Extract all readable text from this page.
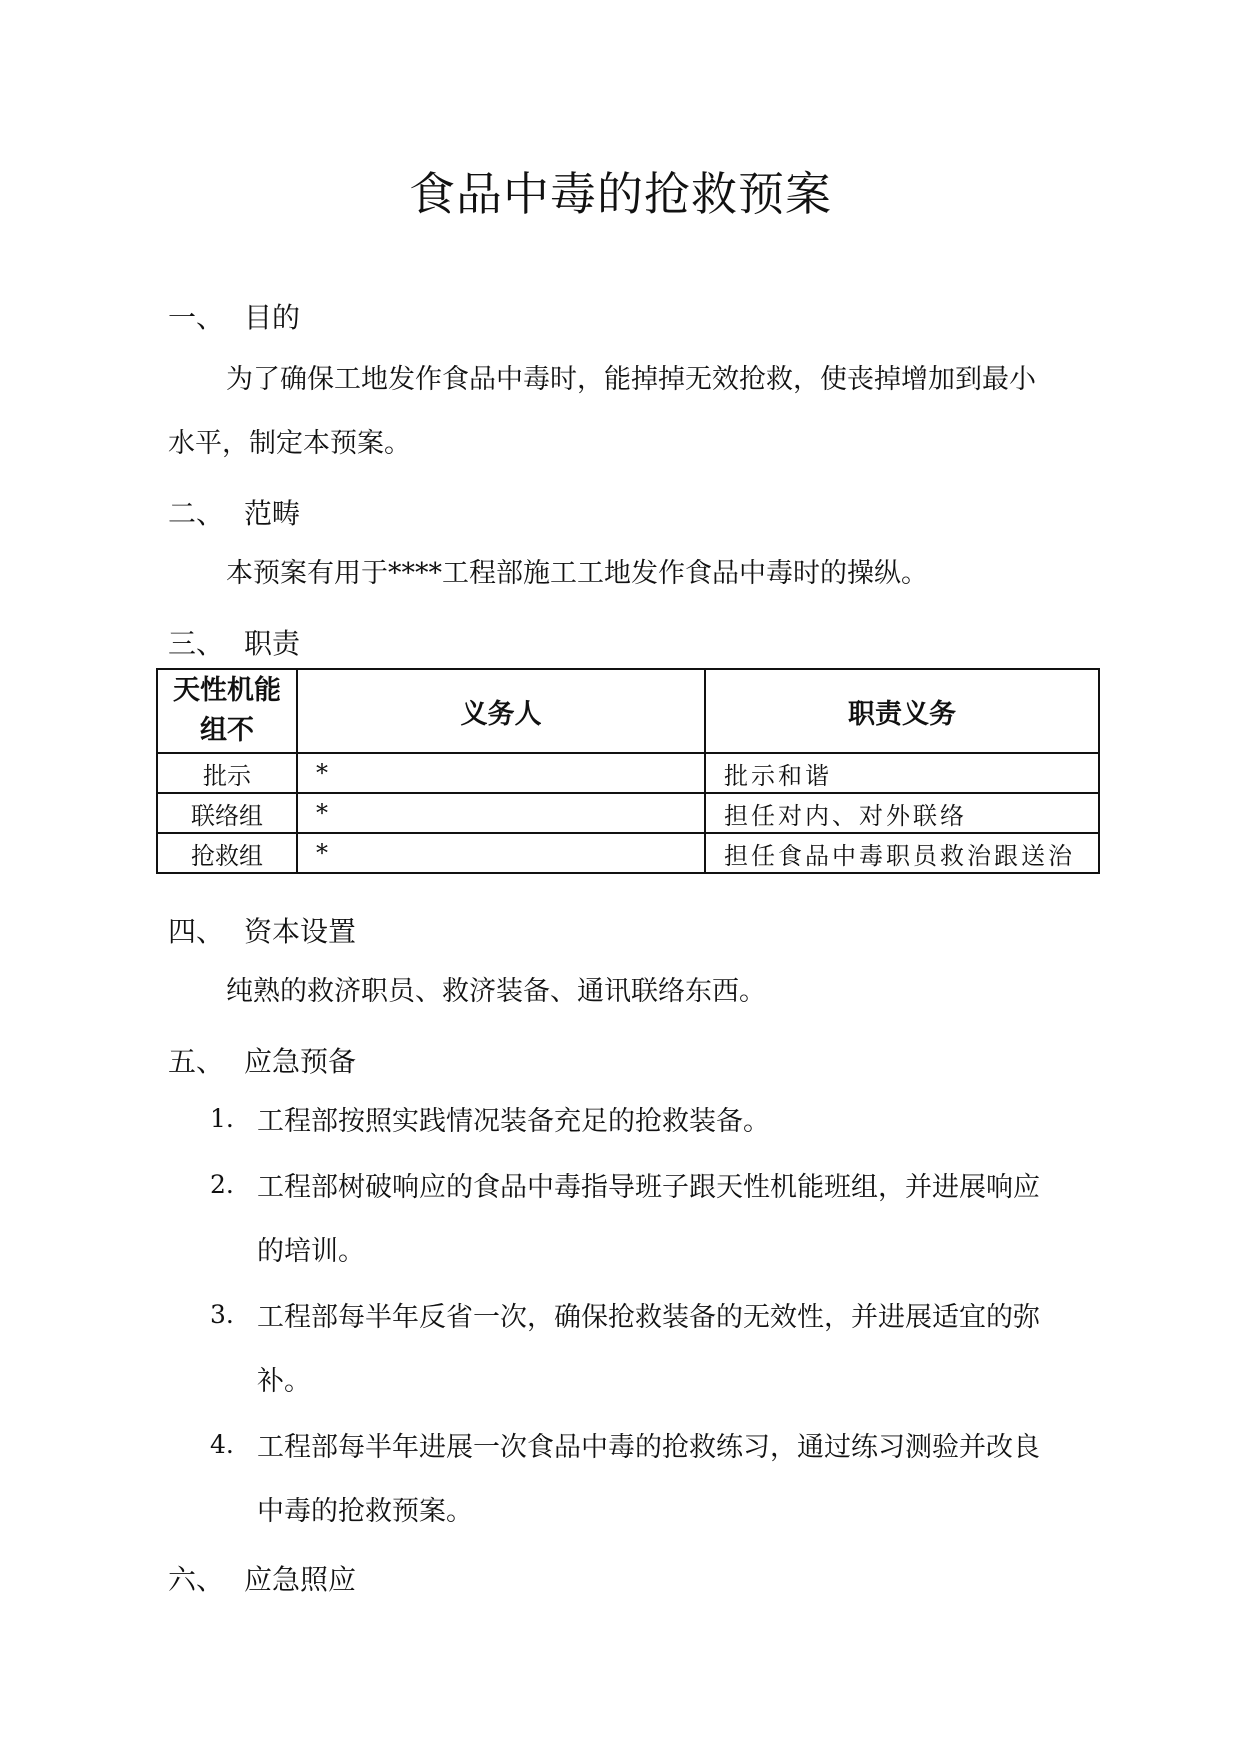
食品中毒的抢救预案
一、 目的
为了确保工地发作食品中毒时，能掉掉无效抢救，使丧掉增加到最小
水平，制定本预案。
二、 范畴
本预案有用于****工程部施工工地发作食品中毒时的操纵。
三、 职责
天性机能
组不	义务人	职责义务
批示	*	批示和谐
联络组	*	担任对内、对外联络
抢救组	*	担任食品中毒职员救治跟送治
四、 资本设置
纯熟的救济职员、救济装备、通讯联络东西。
五、 应急预备
1. 工程部按照实践情况装备充足的抢救装备。
2. 工程部树破响应的食品中毒指导班子跟天性机能班组，并进展响应
的培训。
3. 工程部每半年反省一次，确保抢救装备的无效性，并进展适宜的弥
补。
4. 工程部每半年进展一次食品中毒的抢救练习，通过练习测验并改良
中毒的抢救预案。
六、 应急照应
